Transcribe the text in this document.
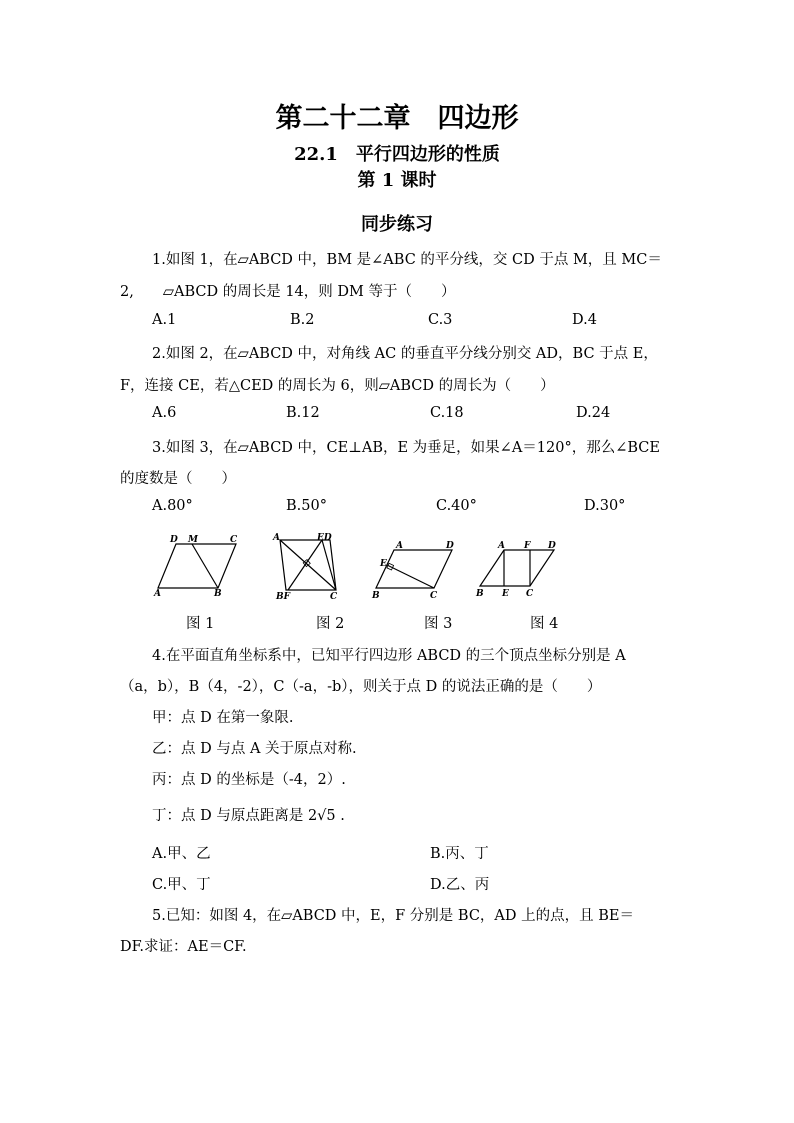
第二十二章　四边形
22.1　平行四边形的性质
第 1 课时
同步练习
1.如图 1，在▱ABCD 中，BM 是∠ABC 的平分线，交 CD 于点 M，且 MC＝
2,　　▱ABCD 的周长是 14，则 DM 等于（　　）
A.1	B.2	C.3	D.4
2.如图 2，在▱ABCD 中，对角线 AC 的垂直平分线分别交 AD，BC 于点 E，
F，连接 CE，若△CED 的周长为 6，则▱ABCD 的周长为（　　）
A.6	B.12	C.18	D.24
3.如图 3，在▱ABCD 中，CE⊥AB，E 为垂足，如果∠A＝120°，那么∠BCE
的度数是（　　）
A.80°	B.50°	C.40°	D.30°
D M	C
A	B
A	ED
BF	C
A	D
E
B	C
A F D
B E C
图 1	图 2	图 3	图 4
4.在平面直角坐标系中，已知平行四边形 ABCD 的三个顶点坐标分别是 A
（a，b），B（4，-2），C（-a，-b），则关于点 D 的说法正确的是（　　）
甲：点 D 在第一象限.
乙：点 D 与点 A 关于原点对称.
丙：点 D 的坐标是（-4，2）.
丁：点 D 与原点距离是 2√5 .
A.甲、乙	B.丙、丁
C.甲、丁	D.乙、丙
5.已知：如图 4，在▱ABCD 中，E，F 分别是 BC，AD 上的点，且 BE＝
DF.求证：AE＝CF.
